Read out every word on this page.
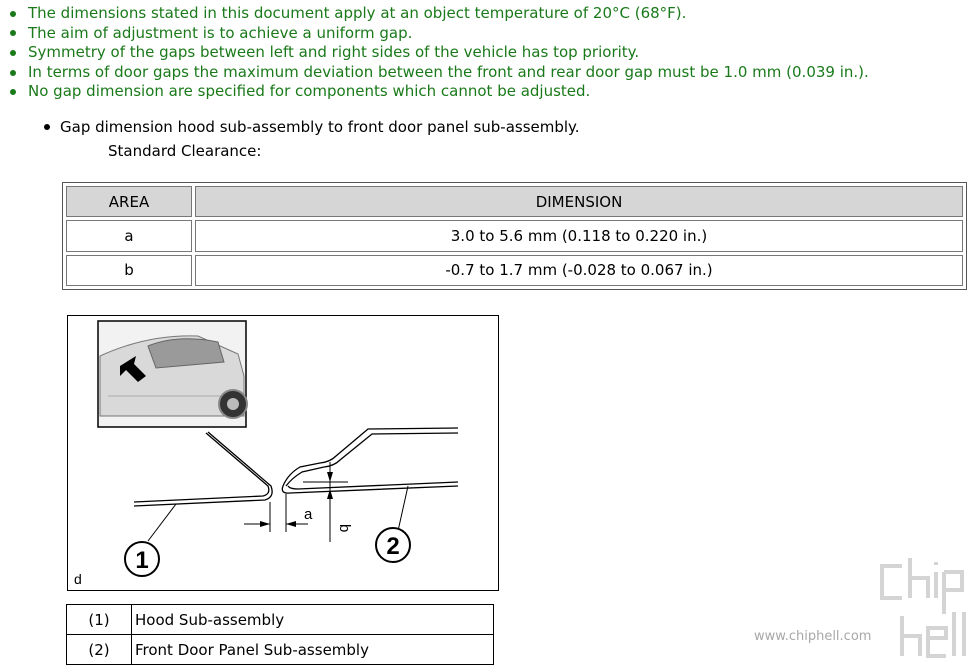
The dimensions stated in this document apply at an object temperature of 20°C (68°F).
The aim of adjustment is to achieve a uniform gap.
Symmetry of the gaps between left and right sides of the vehicle has top priority.
In terms of door gaps the maximum deviation between the front and rear door gap must be 1.0 mm (0.039 in.).
No gap dimension are specified for components which cannot be adjusted.
Gap dimension hood sub-assembly to front door panel sub-assembly.
Standard Clearance:
AREA	DIMENSION
a	3.0 to 5.6 mm (0.118 to 0.220 in.)
b	-0.7 to 1.7 mm (-0.028 to 0.067 in.)
1
2
a
b
d
(1)	Hood Sub-assembly
(2)	Front Door Panel Sub-assembly
www.chiphell.com
